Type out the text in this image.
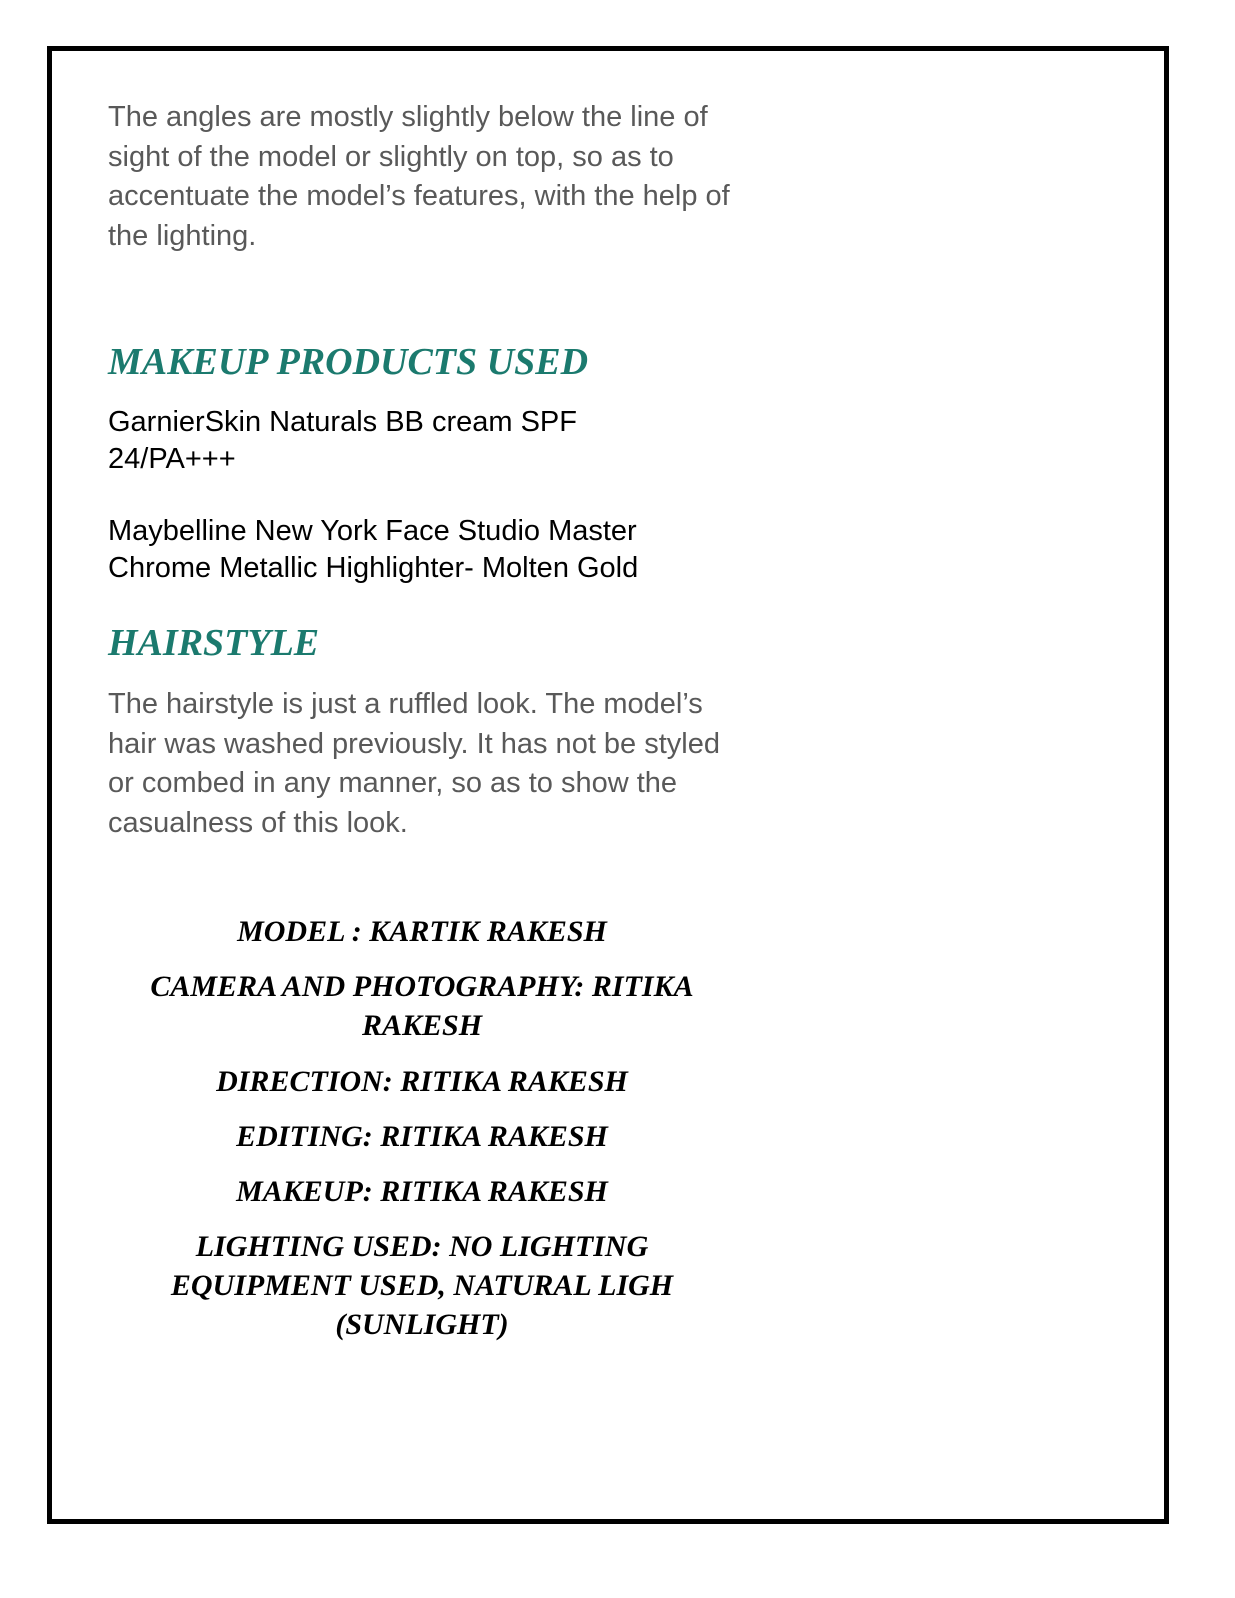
The angles are mostly slightly below the line of sight of the model or slightly on top, so as to accentuate the model’s features, with the help of the lighting.

MAKEUP PRODUCTS USED

GarnierSkin Naturals BB cream SPF 24/PA+++

Maybelline New York Face Studio Master Chrome Metallic Highlighter- Molten Gold

HAIRSTYLE

The hairstyle is just a ruffled look. The model’s hair was washed previously. It has not be styled or combed in any manner, so as to show the casualness of this look.

MODEL : KARTIK RAKESH

CAMERA AND PHOTOGRAPHY: RITIKA RAKESH

DIRECTION: RITIKA RAKESH

EDITING: RITIKA RAKESH

MAKEUP: RITIKA RAKESH

LIGHTING USED: NO LIGHTING EQUIPMENT USED, NATURAL LIGH (SUNLIGHT)
